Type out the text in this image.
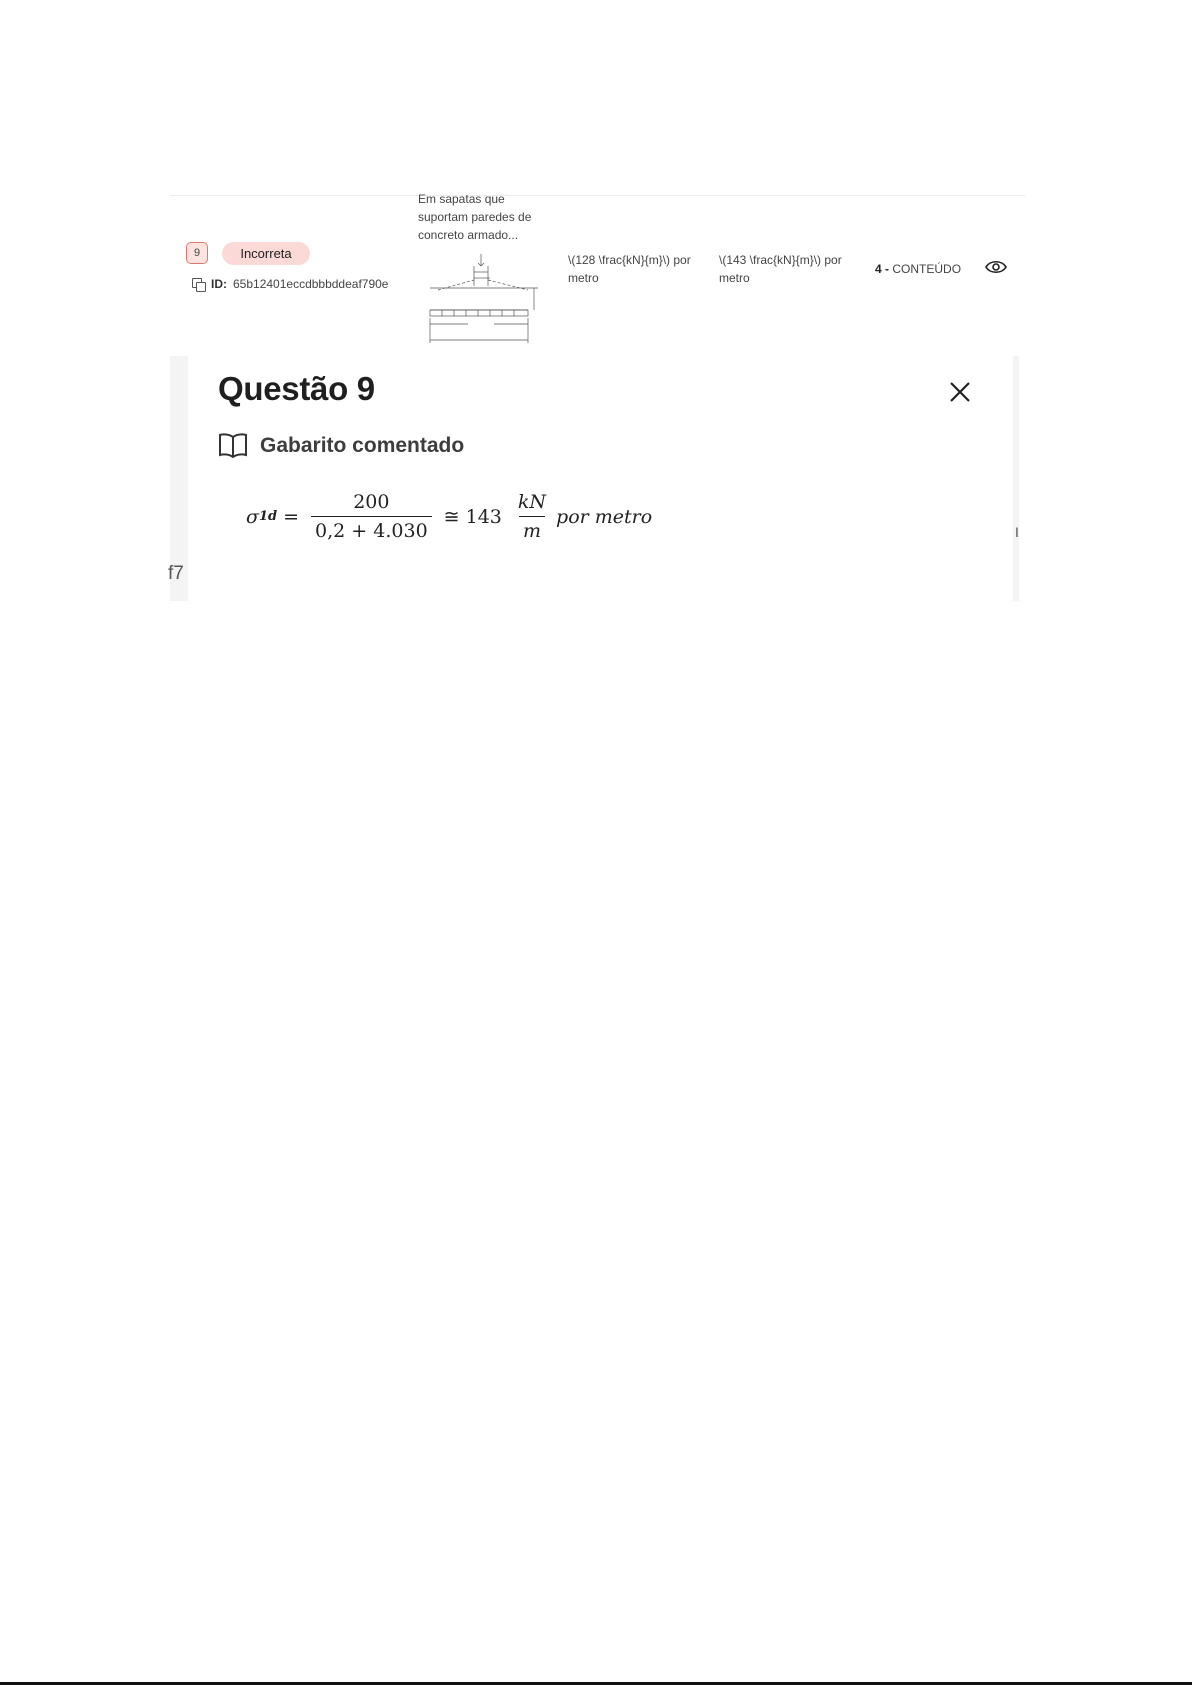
9	Incorreta
ID: 65b12401eccdbbbddeaf790e
Em sapatas que suportam paredes de concreto armado...
\(128 \frac{kN}{m}\) por metro
\(143 \frac{kN}{m}\) por metro
4 - CONTEÚDO
f7
I
Questão 9
Gabarito comentado
σ $1d = \frac{200}{0,2 + 4.030}$ ≅ $143 \frac{kN}{m}$ por metro
